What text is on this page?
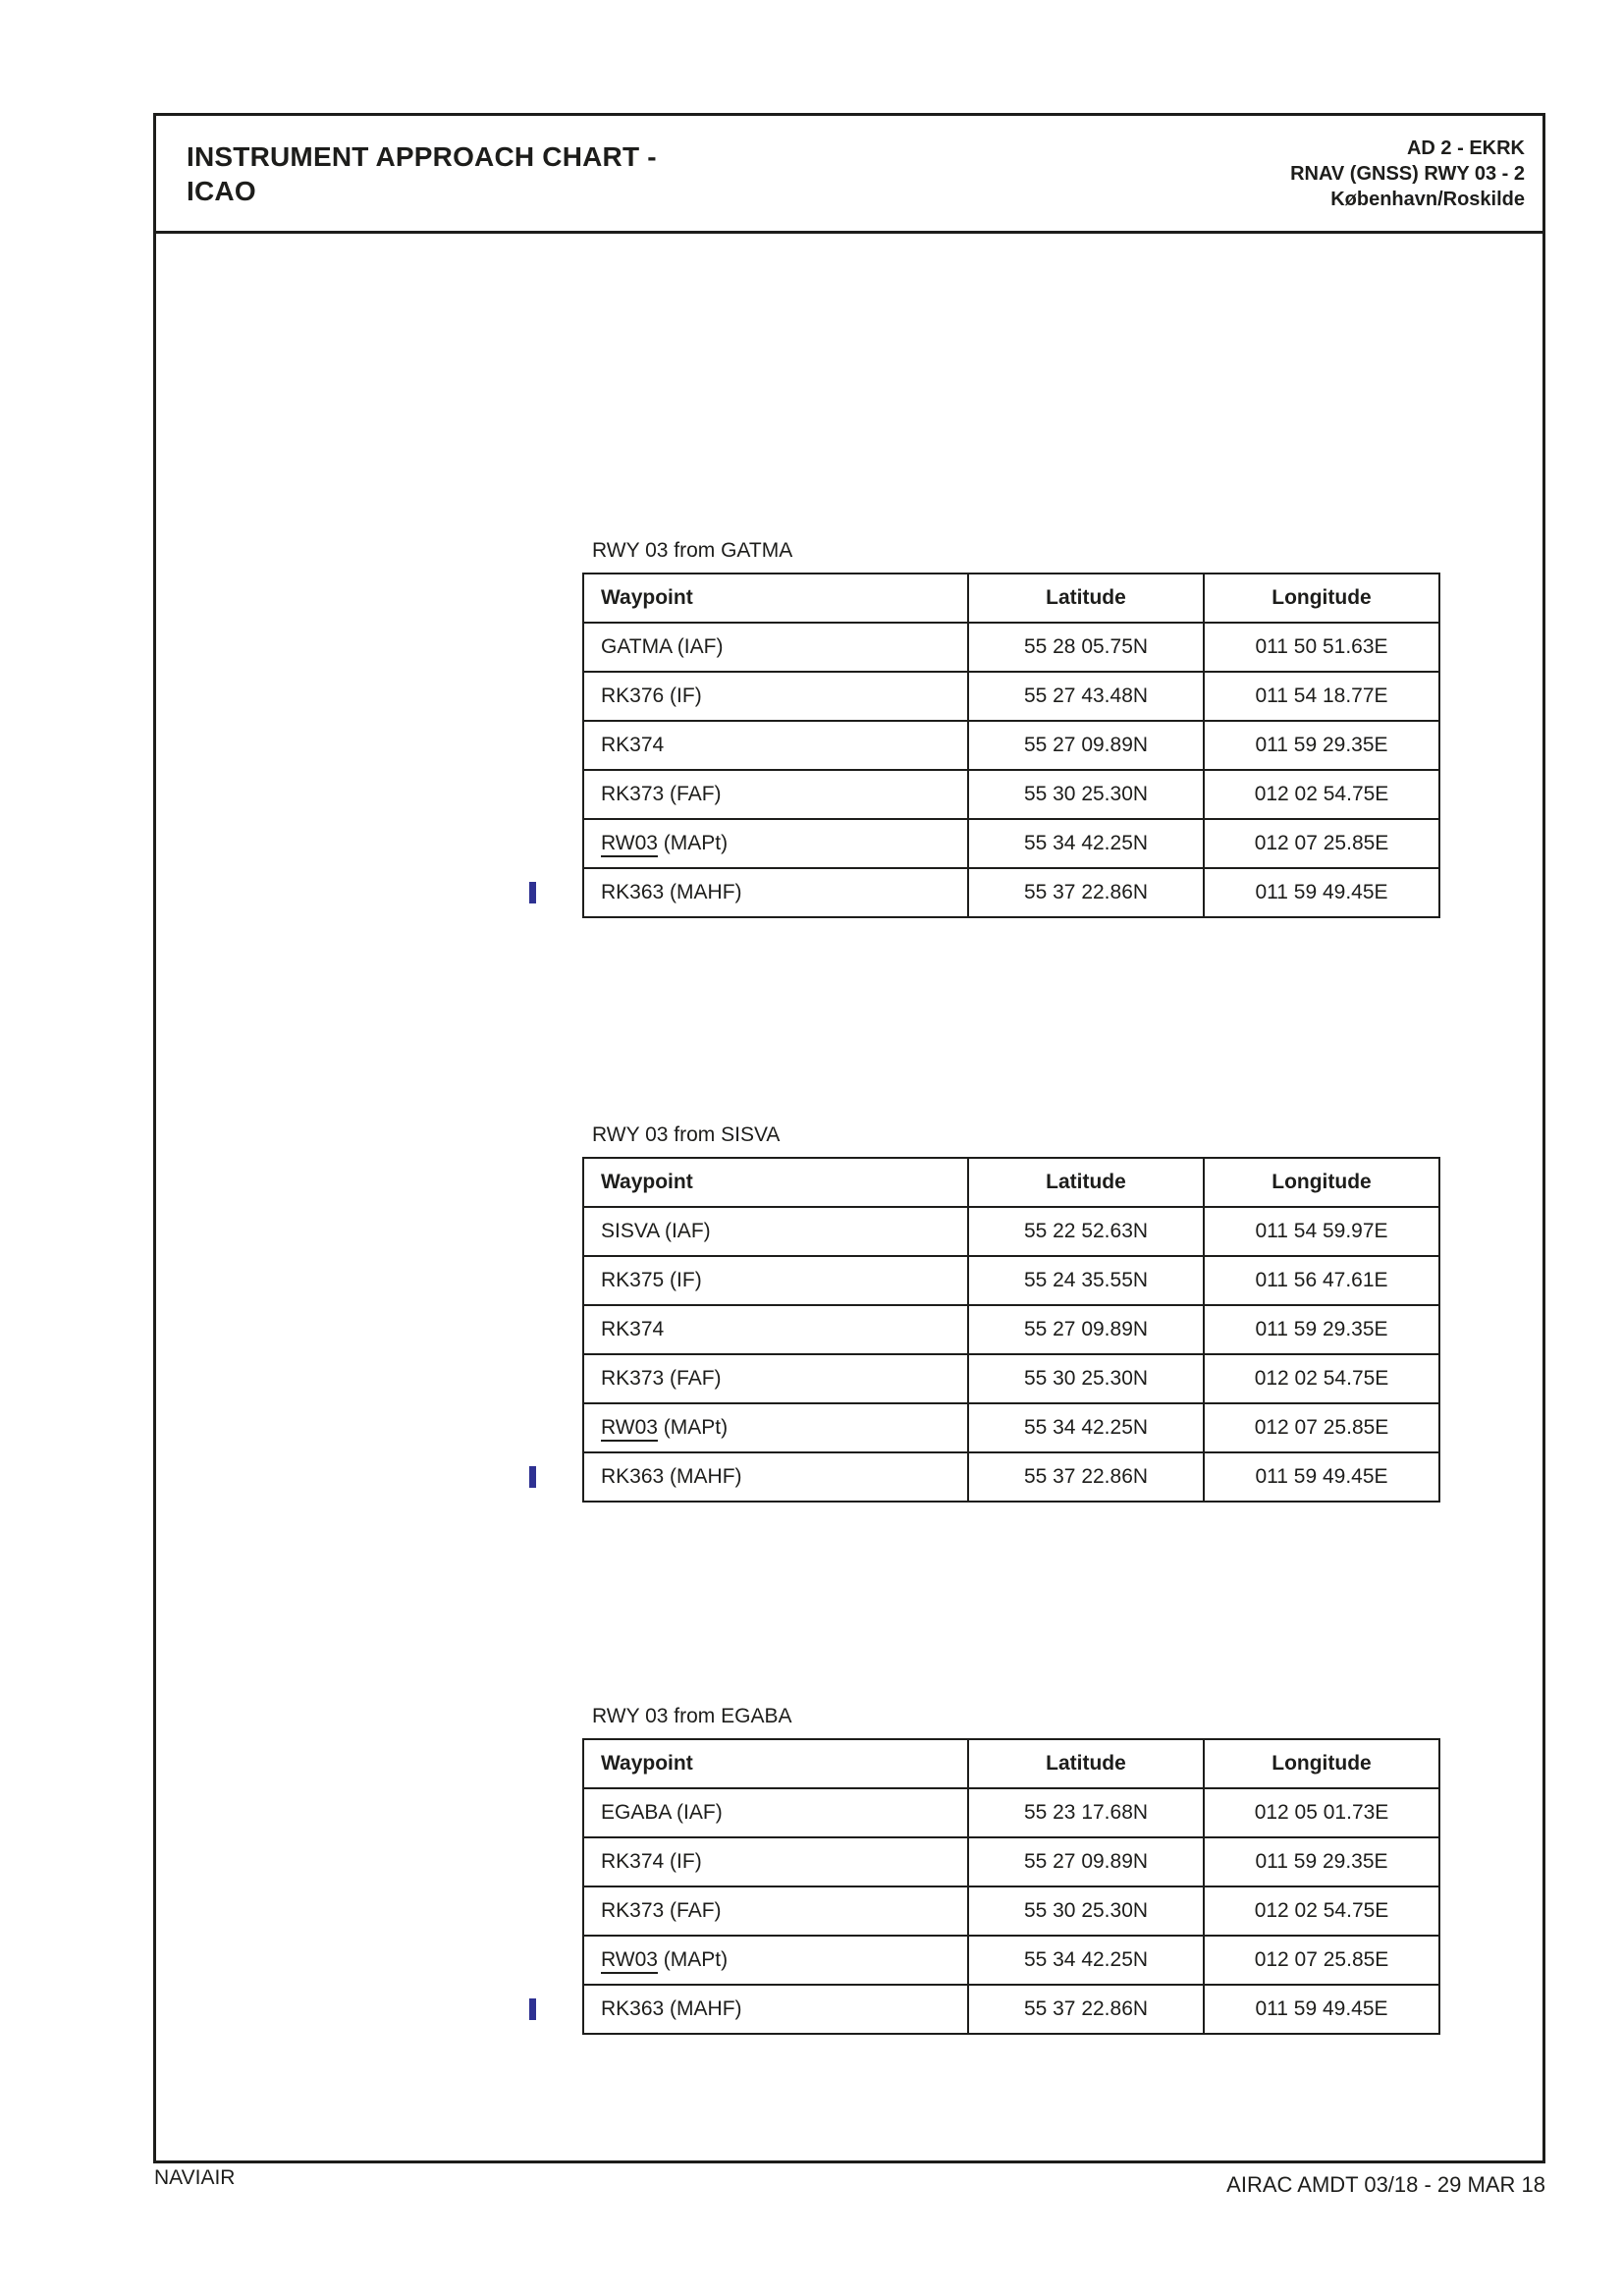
INSTRUMENT APPROACH CHART -
ICAO
AD 2 - EKRK
RNAV (GNSS) RWY 03 - 2
København/Roskilde
RWY 03 from GATMA
Waypoint	Latitude	Longitude
GATMA (IAF)	55 28 05.75N	011 50 51.63E
RK376 (IF)	55 27 43.48N	011 54 18.77E
RK374	55 27 09.89N	011 59 29.35E
RK373 (FAF)	55 30 25.30N	012 02 54.75E
RW03 (MAPt)	55 34 42.25N	012 07 25.85E
RK363 (MAHF)	55 37 22.86N	011 59 49.45E
RWY 03 from SISVA
Waypoint	Latitude	Longitude
SISVA (IAF)	55 22 52.63N	011 54 59.97E
RK375 (IF)	55 24 35.55N	011 56 47.61E
RK374	55 27 09.89N	011 59 29.35E
RK373 (FAF)	55 30 25.30N	012 02 54.75E
RW03 (MAPt)	55 34 42.25N	012 07 25.85E
RK363 (MAHF)	55 37 22.86N	011 59 49.45E
RWY 03 from EGABA
Waypoint	Latitude	Longitude
EGABA (IAF)	55 23 17.68N	012 05 01.73E
RK374 (IF)	55 27 09.89N	011 59 29.35E
RK373 (FAF)	55 30 25.30N	012 02 54.75E
RW03 (MAPt)	55 34 42.25N	012 07 25.85E
RK363 (MAHF)	55 37 22.86N	011 59 49.45E
NAVIAIR	AIRAC AMDT 03/18 - 29 MAR 18
